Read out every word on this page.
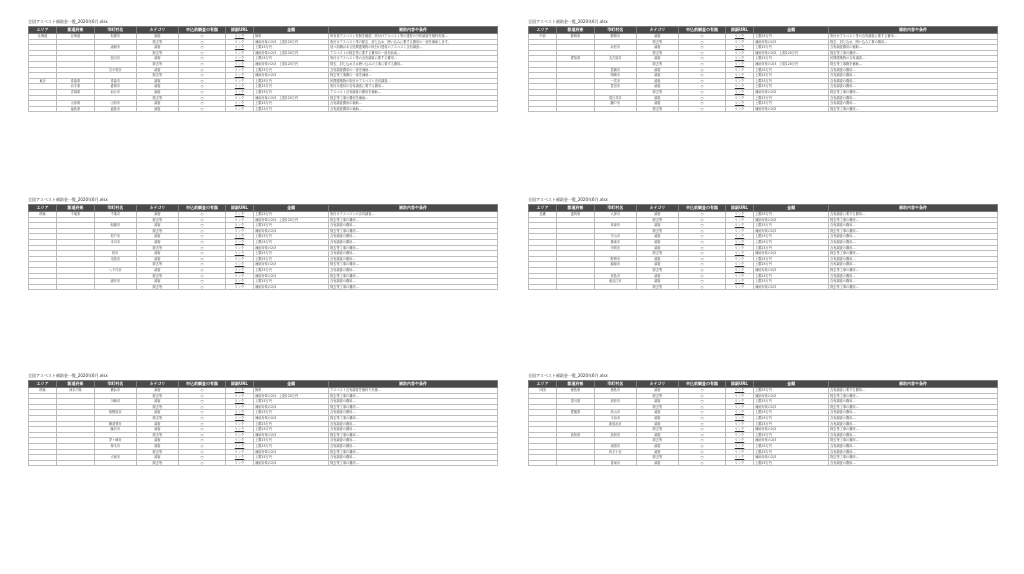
全国アスベスト補助金一覧_2020年6月.xlsx
エリア	都道府県	市町村名	カテゴリ	申込前調査の有無	詳細URL	金額	補助内容や条件
北海道	北海道	札幌市	調査	○	リンク	無料	所有者アスベスト有無を確認、吹付けアスベスト等の建材の分析調査を無料実施…
			除去等	○	リンク	補助対象の2/3、上限120万円	吹付けアスベスト等の除去、封じ込め、囲い込みに要する費用の一部を補助します。
		函館市	調査	○	リンク	上限25万円	延べ面積がある民間建築物の吹付け建材のアスベスト含有調査…
			除去等	○	リンク	補助対象の2/3、上限120万円	アスベストの除去等に要する費用の一部を助成…
		旭川市	調査	○	リンク	上限25万円	吹付けアスベスト等の含有調査に要する費用…
			除去等	○	リンク	補助対象の2/3、上限120万円	除去、封じ込め又は囲い込みの工事に要する費用…
		苫小牧市	調査	○	リンク	上限25万円	含有調査費用の一部を補助…
			除去等	○	リンク	補助対象の2/3	除去等工事費の一部を補助…
東北	青森県	青森市	調査	○	リンク	上限25万円	民間建築物の吹付けアスベスト含有調査…
	岩手県	盛岡市	調査	○	リンク	上限25万円	吹付け建材の含有調査に要する費用…
	宮城県	仙台市	調査	○	リンク	上限25万円	アスベスト含有調査の費用を補助…
			除去等	○	リンク	補助対象の2/3、上限120万円	除去等工事の費用を補助…
	山形県	山形市	調査	○	リンク	上限25万円	含有調査費用の補助…
	福島県	福島市	調査	○	リンク	上限25万円	含有調査費用の補助…
全国アスベスト補助金一覧_2020年6月.xlsx
エリア	都道府県	市町村名	カテゴリ	申込前調査の有無	詳細URL	金額	補助内容や条件
中部	静岡県	静岡市	調査	○	リンク	上限25万円	吹付けアスベスト等の含有調査に要する費用…
			除去等	○	リンク	補助対象の2/3	除去、封じ込め、囲い込み工事の費用…
		浜松市	調査	○	リンク	上限25万円	含有調査費用の補助…
			除去等	○	リンク	補助対象の2/3、上限120万円	除去等工事の費用…
	愛知県	名古屋市	調査	○	リンク	上限25万円	民間建築物の含有調査…
			除去等	○	リンク	補助対象の2/3、上限120万円	除去等工事費を補助…
		豊橋市	調査	○	リンク	上限25万円	含有調査の費用…
		岡崎市	調査	○	リンク	上限25万円	含有調査の費用…
		一宮市	調査	○	リンク	上限25万円	含有調査の費用…
		豊田市	調査	○	リンク	上限25万円	含有調査の費用…
			除去等	○	リンク	補助対象の2/3	除去等工事の費用…
		春日井市	調査	○	リンク	上限25万円	含有調査の費用…
		瀬戸市	調査	○	リンク	上限25万円	含有調査の費用…
			除去等	○	リンク	補助対象の2/3	除去等工事の費用…
全国アスベスト補助金一覧_2020年6月.xlsx
エリア	都道府県	市町村名	カテゴリ	申込前調査の有無	詳細URL	金額	補助内容や条件
関東	千葉県	千葉市	調査	○	リンク	上限25万円	吹付けアスベストの含有調査…
			除去等	○	リンク	補助対象の2/3、上限120万円	除去等工事の費用…
		船橋市	調査	○	リンク	上限25万円	含有調査の費用…
			除去等	○	リンク	補助対象の2/3	除去等工事の費用…
		松戸市	調査	○	リンク	上限25万円	含有調査の費用…
		市川市	調査	○	リンク	上限25万円	含有調査の費用…
			除去等	○	リンク	補助対象の2/3	除去等工事の費用…
		柏市	調査	○	リンク	上限25万円	含有調査の費用…
		市原市	調査	○	リンク	上限25万円	含有調査の費用…
			除去等	○	リンク	補助対象の2/3	除去等工事の費用…
		八千代市	調査	○	リンク	上限25万円	含有調査の費用…
			除去等	○	リンク	補助対象の2/3	除去等工事の費用…
		浦安市	調査	○	リンク	上限25万円	含有調査の費用…
			除去等	○	リンク	補助対象の2/3	除去等工事の費用…
全国アスベスト補助金一覧_2020年6月.xlsx
エリア	都道府県	市町村名	カテゴリ	申込前調査の有無	詳細URL	金額	補助内容や条件
近畿	滋賀県	大津市	調査	○	リンク	上限25万円	含有調査に要する費用…
			除去等	○	リンク	補助対象の2/3	除去等工事の費用…
		草津市	調査	○	リンク	上限25万円	含有調査の費用…
			除去等	○	リンク	補助対象の2/3	除去等工事の費用…
		守山市	調査	○	リンク	上限25万円	含有調査の費用…
		栗東市	調査	○	リンク	上限25万円	含有調査の費用…
		甲賀市	調査	○	リンク	上限25万円	含有調査の費用…
			除去等	○	リンク	補助対象の2/3	除去等工事の費用…
		野洲市	調査	○	リンク	上限25万円	含有調査の費用…
		湖南市	調査	○	リンク	上限25万円	含有調査の費用…
			除去等	○	リンク	補助対象の2/3	除去等工事の費用…
		高島市	調査	○	リンク	上限25万円	含有調査の費用…
		東近江市	調査	○	リンク	上限25万円	含有調査の費用…
			除去等	○	リンク	補助対象の2/3	除去等工事の費用…
全国アスベスト補助金一覧_2020年6月.xlsx
エリア	都道府県	市町村名	カテゴリ	申込前調査の有無	詳細URL	金額	補助内容や条件
関東	神奈川県	横浜市	調査	○	リンク	無料	アスベスト含有調査を無料で実施…
			除去等	○	リンク	補助対象の2/3、上限120万円	除去等工事の費用…
		川崎市	調査	○	リンク	上限25万円	含有調査の費用…
			除去等	○	リンク	補助対象の2/3	除去等工事の費用…
		相模原市	調査	○	リンク	上限25万円	含有調査の費用…
			除去等	○	リンク	補助対象の2/3	除去等工事の費用…
		横須賀市	調査	○	リンク	上限25万円	含有調査の費用…
		藤沢市	調査	○	リンク	上限25万円	含有調査の費用…
			除去等	○	リンク	補助対象の2/3	除去等工事の費用…
		茅ヶ崎市	調査	○	リンク	上限25万円	含有調査の費用…
		厚木市	調査	○	リンク	上限25万円	含有調査の費用…
			除去等	○	リンク	補助対象の2/3	除去等工事の費用…
		大和市	調査	○	リンク	上限25万円	含有調査の費用…
			除去等	○	リンク	補助対象の2/3	除去等工事の費用…
全国アスベスト補助金一覧_2020年6月.xlsx
エリア	都道府県	市町村名	カテゴリ	申込前調査の有無	詳細URL	金額	補助内容や条件
四国	徳島県	徳島市	調査	○	リンク	上限25万円	含有調査に要する費用…
			除去等	○	リンク	補助対象の2/3	除去等工事の費用…
	香川県	高松市	調査	○	リンク	上限25万円	含有調査の費用…
			除去等	○	リンク	補助対象の2/3	除去等工事の費用…
	愛媛県	松山市	調査	○	リンク	上限25万円	含有調査の費用…
		今治市	調査	○	リンク	上限25万円	含有調査の費用…
		新居浜市	調査	○	リンク	上限25万円	含有調査の費用…
			除去等	○	リンク	補助対象の2/3	除去等工事の費用…
	高知県	高知市	調査	○	リンク	上限25万円	含有調査の費用…
			除去等	○	リンク	補助対象の2/3	除去等工事の費用…
		南国市	調査	○	リンク	上限25万円	含有調査の費用…
		四万十市	調査	○	リンク	上限25万円	含有調査の費用…
			除去等	○	リンク	補助対象の2/3	除去等工事の費用…
		香南市	調査	○	リンク	上限25万円	含有調査の費用…
